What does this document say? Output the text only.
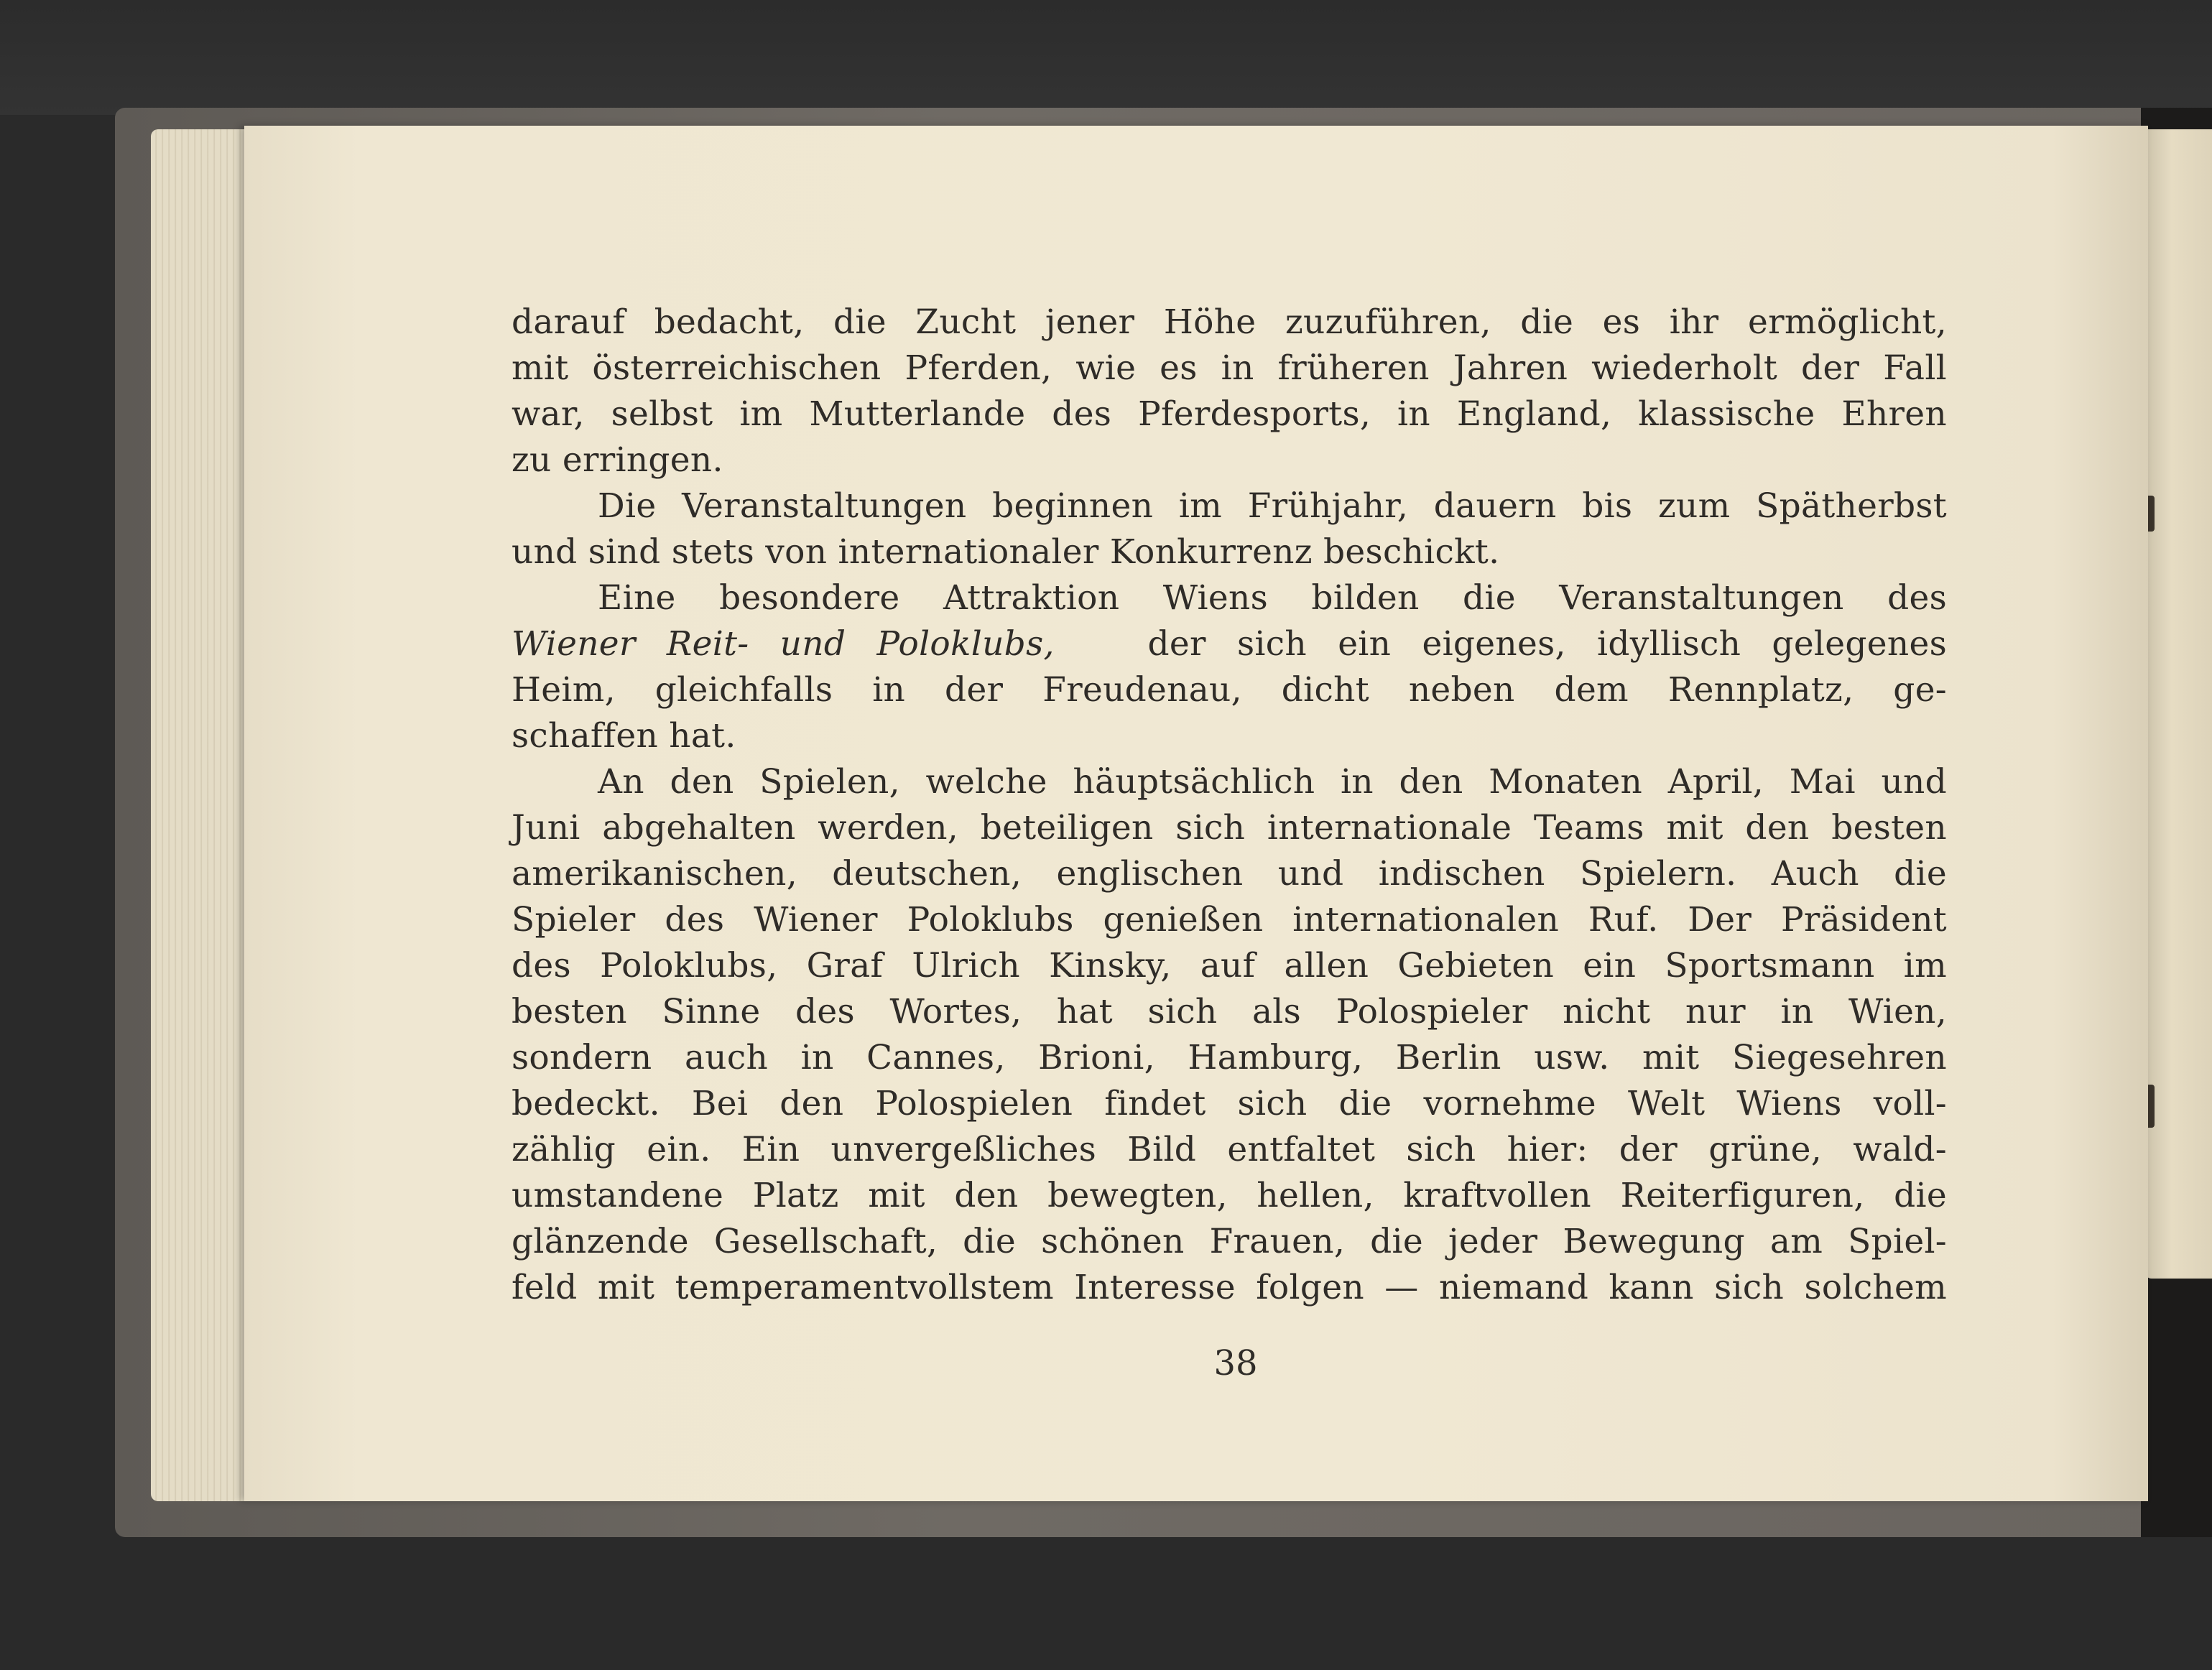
darauf bedacht, die Zucht jener Höhe zuzuführen, die es ihr ermöglicht,
mit österreichischen Pferden, wie es in früheren Jahren wiederholt der Fall
war, selbst im Mutterlande des Pferdesports, in England, klassische Ehren
zu erringen.
Die Veranstaltungen beginnen im Frühjahr, dauern bis zum Spätherbst
und sind stets von internationaler Konkurrenz beschickt.
Eine besondere Attraktion Wiens bilden die Veranstaltungen des
Wiener Reit- und Poloklubs,	der sich ein eigenes, idyllisch gelegenes
Heim, gleichfalls in der Freudenau, dicht neben dem Rennplatz, ge-
schaffen hat.
An den Spielen, welche häuptsächlich in den Monaten April, Mai und
Juni abgehalten werden, beteiligen sich internationale Teams mit den besten
amerikanischen, deutschen, englischen und indischen Spielern. Auch die
Spieler des Wiener Poloklubs genießen internationalen Ruf. Der Präsident
des Poloklubs, Graf Ulrich Kinsky, auf allen Gebieten ein Sportsmann im
besten Sinne des Wortes, hat sich als Polospieler nicht nur in Wien,
sondern auch in Cannes, Brioni, Hamburg, Berlin usw. mit Siegesehren
bedeckt. Bei den Polospielen findet sich die vornehme Welt Wiens voll-
zählig ein. Ein unvergeßliches Bild entfaltet sich hier: der grüne, wald-
umstandene Platz mit den bewegten, hellen, kraftvollen Reiterfiguren, die
glänzende Gesellschaft, die schönen Frauen, die jeder Bewegung am Spiel-
feld mit temperamentvollstem Interesse folgen — niemand kann sich solchem
38
